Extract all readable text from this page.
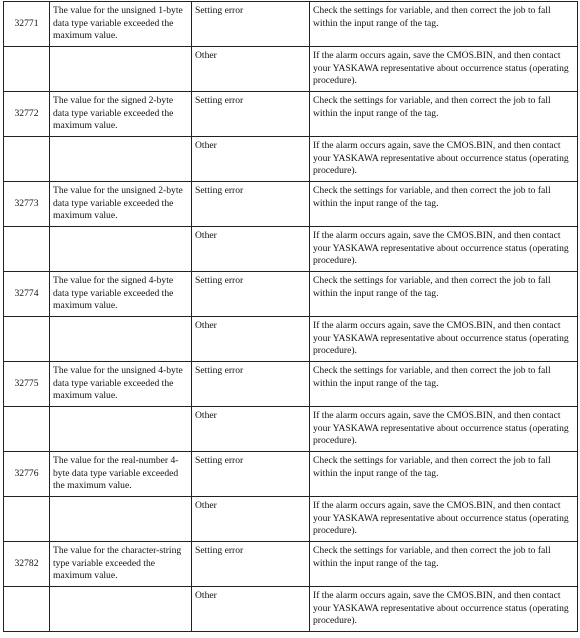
32771	The value for the unsigned 1-byte data type variable exceeded the maximum value.	Setting error	Check the settings for variable, and then correct the job to fall within the input range of the tag.
		Other	If the alarm occurs again, save the CMOS.BIN, and then contact your YASKAWA representative about occurrence status (operating procedure).
32772	The value for the signed 2-byte data type variable exceeded the maximum value.	Setting error	Check the settings for variable, and then correct the job to fall within the input range of the tag.
		Other	If the alarm occurs again, save the CMOS.BIN, and then contact your YASKAWA representative about occurrence status (operating procedure).
32773	The value for the unsigned 2-byte data type variable exceeded the maximum value.	Setting error	Check the settings for variable, and then correct the job to fall within the input range of the tag.
		Other	If the alarm occurs again, save the CMOS.BIN, and then contact your YASKAWA representative about occurrence status (operating procedure).
32774	The value for the signed 4-byte data type variable exceeded the maximum value.	Setting error	Check the settings for variable, and then correct the job to fall within the input range of the tag.
		Other	If the alarm occurs again, save the CMOS.BIN, and then contact your YASKAWA representative about occurrence status (operating procedure).
32775	The value for the unsigned 4-byte data type variable exceeded the maximum value.	Setting error	Check the settings for variable, and then correct the job to fall within the input range of the tag.
		Other	If the alarm occurs again, save the CMOS.BIN, and then contact your YASKAWA representative about occurrence status (operating procedure).
32776	The value for the real-number 4-byte data type variable exceeded the maximum value.	Setting error	Check the settings for variable, and then correct the job to fall within the input range of the tag.
		Other	If the alarm occurs again, save the CMOS.BIN, and then contact your YASKAWA representative about occurrence status (operating procedure).
32782	The value for the character-string type variable exceeded the maximum value.	Setting error	Check the settings for variable, and then correct the job to fall within the input range of the tag.
		Other	If the alarm occurs again, save the CMOS.BIN, and then contact your YASKAWA representative about occurrence status (operating procedure).
